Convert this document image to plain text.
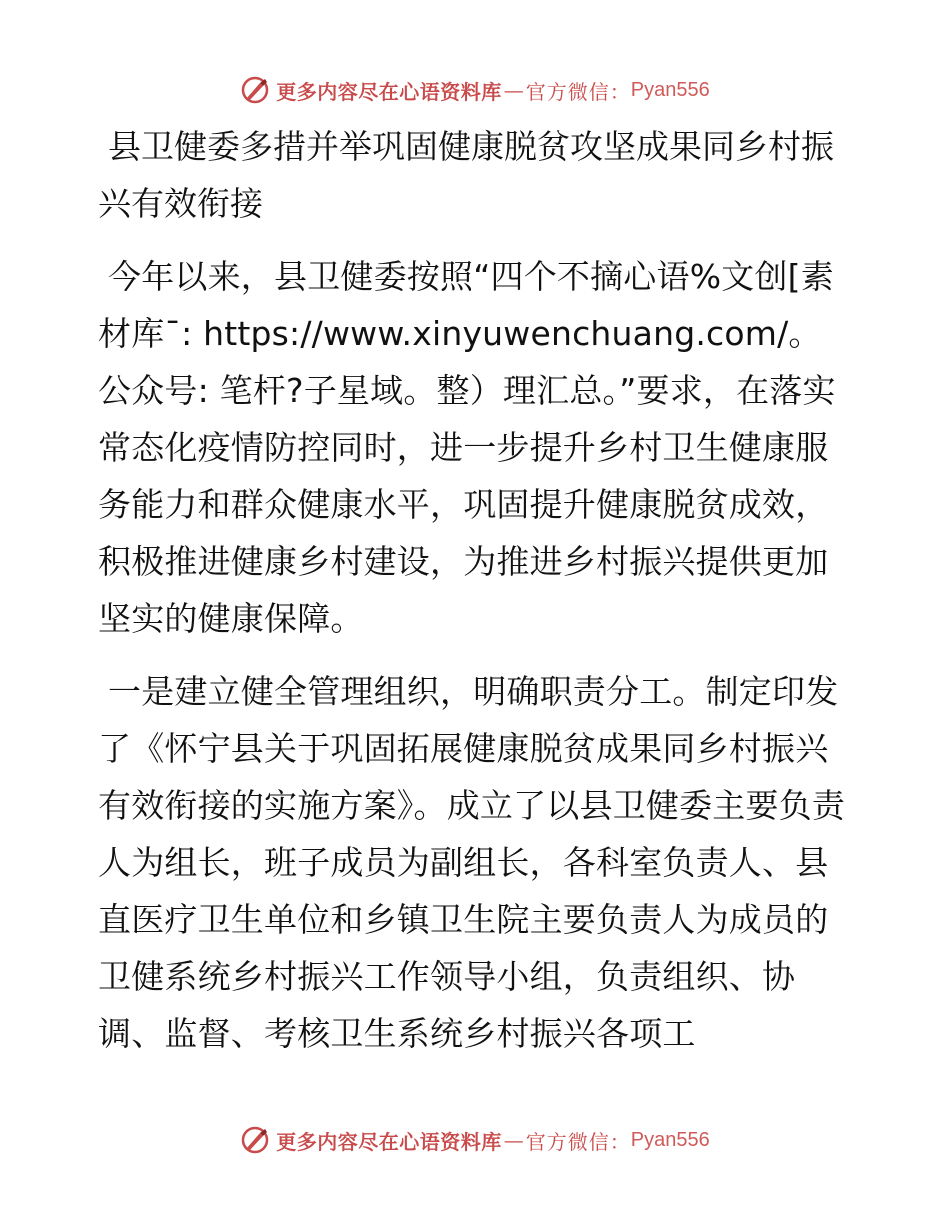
更多内容尽在心语资料库 — 官方微信： Pyan556

县卫健委多措并举巩固健康脱贫攻坚成果同乡村振兴有效衔接

今年以来，县卫健委按照“四个不摘心语%文创[素材库¯: https://www.xinyuwenchuang.com/。公众号: 笔杆?子星域。整）理汇总。”要求，在落实常态化疫情防控同时，进一步提升乡村卫生健康服务能力和群众健康水平，巩固提升健康脱贫成效，积极推进健康乡村建设，为推进乡村振兴提供更加坚实的健康保障。

一是建立健全管理组织，明确职责分工。制定印发了《怀宁县关于巩固拓展健康脱贫成果同乡村振兴有效衔接的实施方案》。成立了以县卫健委主要负责人为组长，班子成员为副组长，各科室负责人、县直医疗卫生单位和乡镇卫生院主要负责人为成员的卫健系统乡村振兴工作领导小组，负责组织、协调、监督、考核卫生系统乡村振兴各项工

更多内容尽在心语资料库 — 官方微信： Pyan556
